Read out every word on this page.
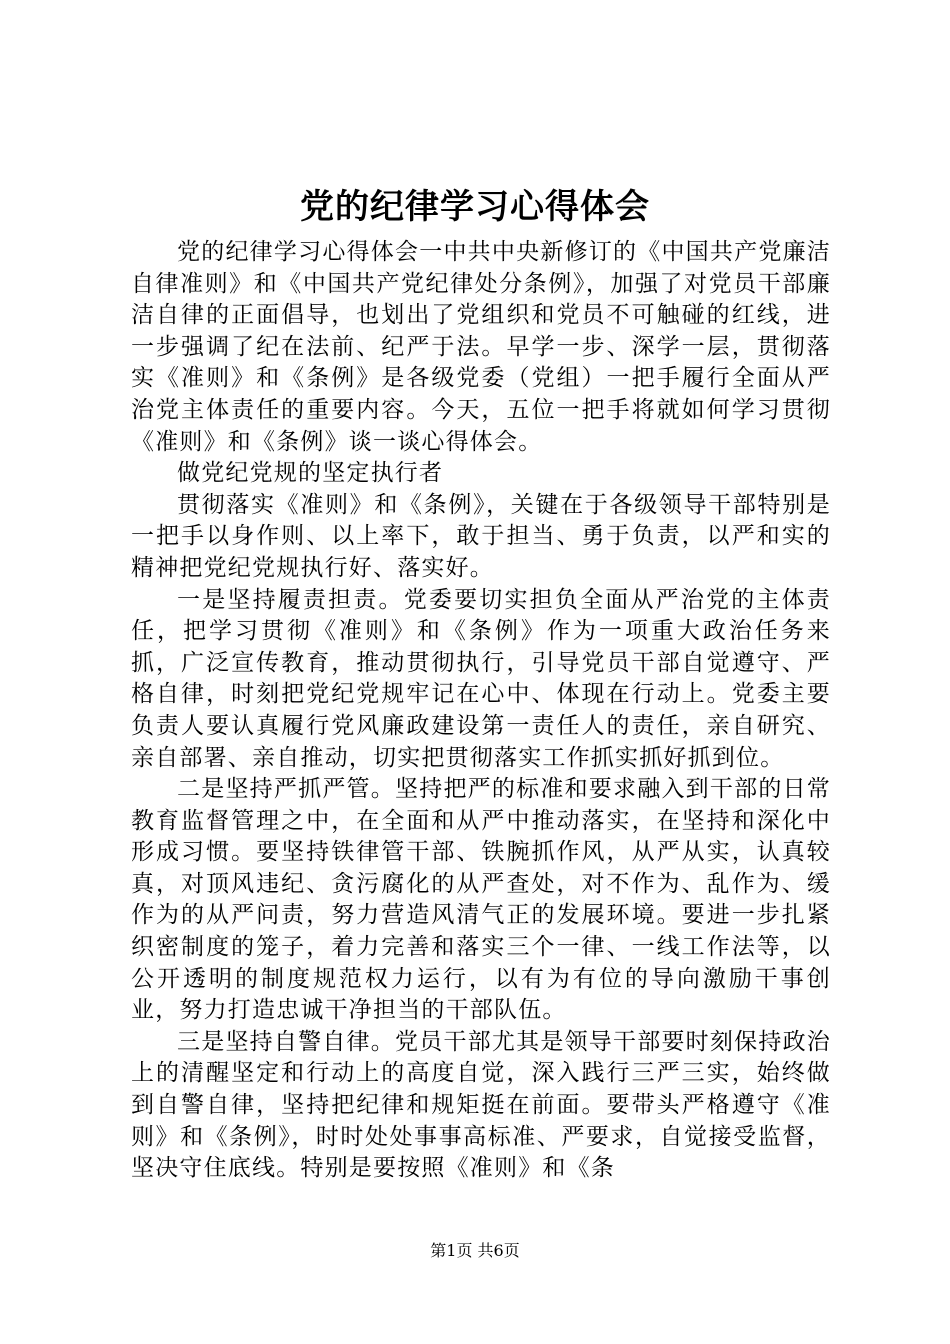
党的纪律学习心得体会

党的纪律学习心得体会一中共中央新修订的《中国共产党廉洁自律准则》和《中国共产党纪律处分条例》，加强了对党员干部廉洁自律的正面倡导，也划出了党组织和党员不可触碰的红线，进一步强调了纪在法前、纪严于法。早学一步、深学一层，贯彻落实《准则》和《条例》是各级党委（党组）一把手履行全面从严治党主体责任的重要内容。今天，五位一把手将就如何学习贯彻《准则》和《条例》谈一谈心得体会。

做党纪党规的坚定执行者

贯彻落实《准则》和《条例》，关键在于各级领导干部特别是一把手以身作则、以上率下，敢于担当、勇于负责，以严和实的精神把党纪党规执行好、落实好。

一是坚持履责担责。党委要切实担负全面从严治党的主体责任，把学习贯彻《准则》和《条例》作为一项重大政治任务来抓，广泛宣传教育，推动贯彻执行，引导党员干部自觉遵守、严格自律，时刻把党纪党规牢记在心中、体现在行动上。党委主要负责人要认真履行党风廉政建设第一责任人的责任，亲自研究、亲自部署、亲自推动，切实把贯彻落实工作抓实抓好抓到位。

二是坚持严抓严管。坚持把严的标准和要求融入到干部的日常教育监督管理之中，在全面和从严中推动落实，在坚持和深化中形成习惯。要坚持铁律管干部、铁腕抓作风，从严从实，认真较真，对顶风违纪、贪污腐化的从严查处，对不作为、乱作为、缓作为的从严问责，努力营造风清气正的发展环境。要进一步扎紧织密制度的笼子，着力完善和落实三个一律、一线工作法等，以公开透明的制度规范权力运行，以有为有位的导向激励干事创业，努力打造忠诚干净担当的干部队伍。

三是坚持自警自律。党员干部尤其是领导干部要时刻保持政治上的清醒坚定和行动上的高度自觉，深入践行三严三实，始终做到自警自律，坚持把纪律和规矩挺在前面。要带头严格遵守《准则》和《条例》，时时处处事事高标准、严要求，自觉接受监督，坚决守住底线。特别是要按照《准则》和《条

第1页 共6页
